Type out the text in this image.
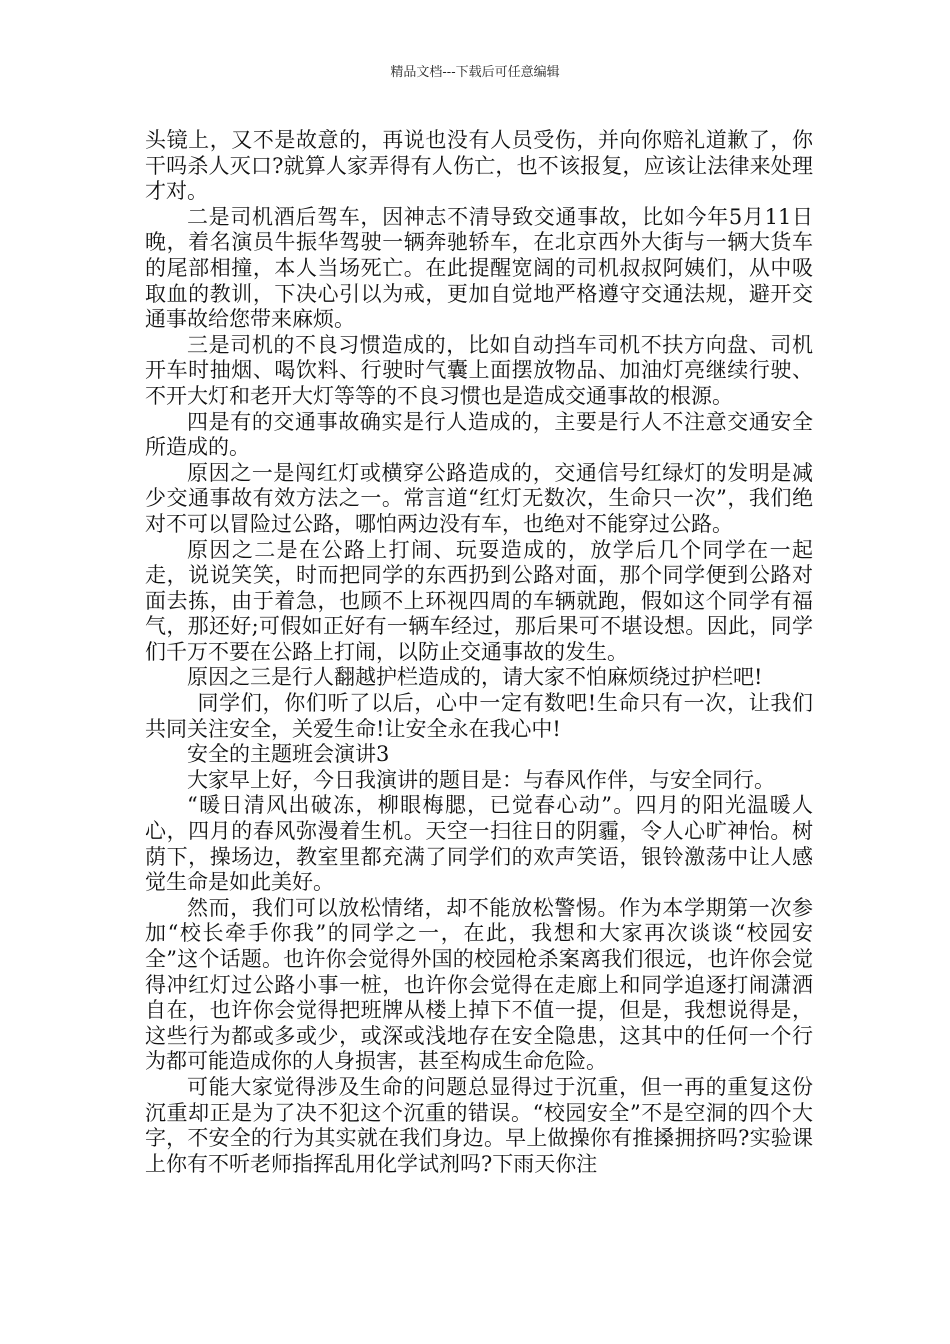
精品文档---下载后可任意编辑

头镜上，又不是故意的，再说也没有人员受伤，并向你赔礼道歉了，你干吗杀人灭口?就算人家弄得有人伤亡，也不该报复，应该让法律来处理才对。

二是司机酒后驾车，因神志不清导致交通事故，比如今年5月11日晚，着名演员牛振华驾驶一辆奔驰轿车，在北京西外大街与一辆大货车的尾部相撞，本人当场死亡。在此提醒宽阔的司机叔叔阿姨们，从中吸取血的教训，下决心引以为戒，更加自觉地严格遵守交通法规，避开交通事故给您带来麻烦。

三是司机的不良习惯造成的，比如自动挡车司机不扶方向盘、司机开车时抽烟、喝饮料、行驶时气囊上面摆放物品、加油灯亮继续行驶、不开大灯和老开大灯等等的不良习惯也是造成交通事故的根源。

四是有的交通事故确实是行人造成的，主要是行人不注意交通安全所造成的。

原因之一是闯红灯或横穿公路造成的，交通信号红绿灯的发明是减少交通事故有效方法之一。常言道“红灯无数次，生命只一次”，我们绝对不可以冒险过公路，哪怕两边没有车，也绝对不能穿过公路。

原因之二是在公路上打闹、玩耍造成的，放学后几个同学在一起走，说说笑笑，时而把同学的东西扔到公路对面，那个同学便到公路对面去拣，由于着急，也顾不上环视四周的车辆就跑，假如这个同学有福气，那还好;可假如正好有一辆车经过，那后果可不堪设想。因此，同学们千万不要在公路上打闹，以防止交通事故的发生。

原因之三是行人翻越护栏造成的，请大家不怕麻烦绕过护栏吧!

同学们，你们听了以后，心中一定有数吧!生命只有一次，让我们共同关注安全，关爱生命!让安全永在我心中!

安全的主题班会演讲3

大家早上好，今日我演讲的题目是：与春风作伴，与安全同行。

“暖日清风出破冻，柳眼梅腮，已觉春心动”。四月的阳光温暖人心，四月的春风弥漫着生机。天空一扫往日的阴霾，令人心旷神怡。树荫下，操场边，教室里都充满了同学们的欢声笑语，银铃激荡中让人感觉生命是如此美好。

然而，我们可以放松情绪，却不能放松警惕。作为本学期第一次参加“校长牵手你我”的同学之一，在此，我想和大家再次谈谈“校园安全”这个话题。也许你会觉得外国的校园枪杀案离我们很远，也许你会觉得冲红灯过公路小事一桩，也许你会觉得在走廊上和同学追逐打闹潇洒自在，也许你会觉得把班牌从楼上掉下不值一提，但是，我想说得是，这些行为都或多或少，或深或浅地存在安全隐患，这其中的任何一个行为都可能造成你的人身损害，甚至构成生命危险。

可能大家觉得涉及生命的问题总显得过于沉重，但一再的重复这份沉重却正是为了决不犯这个沉重的错误。“校园安全”不是空洞的四个大字，不安全的行为其实就在我们身边。早上做操你有推搡拥挤吗?实验课上你有不听老师指挥乱用化学试剂吗?下雨天你注
